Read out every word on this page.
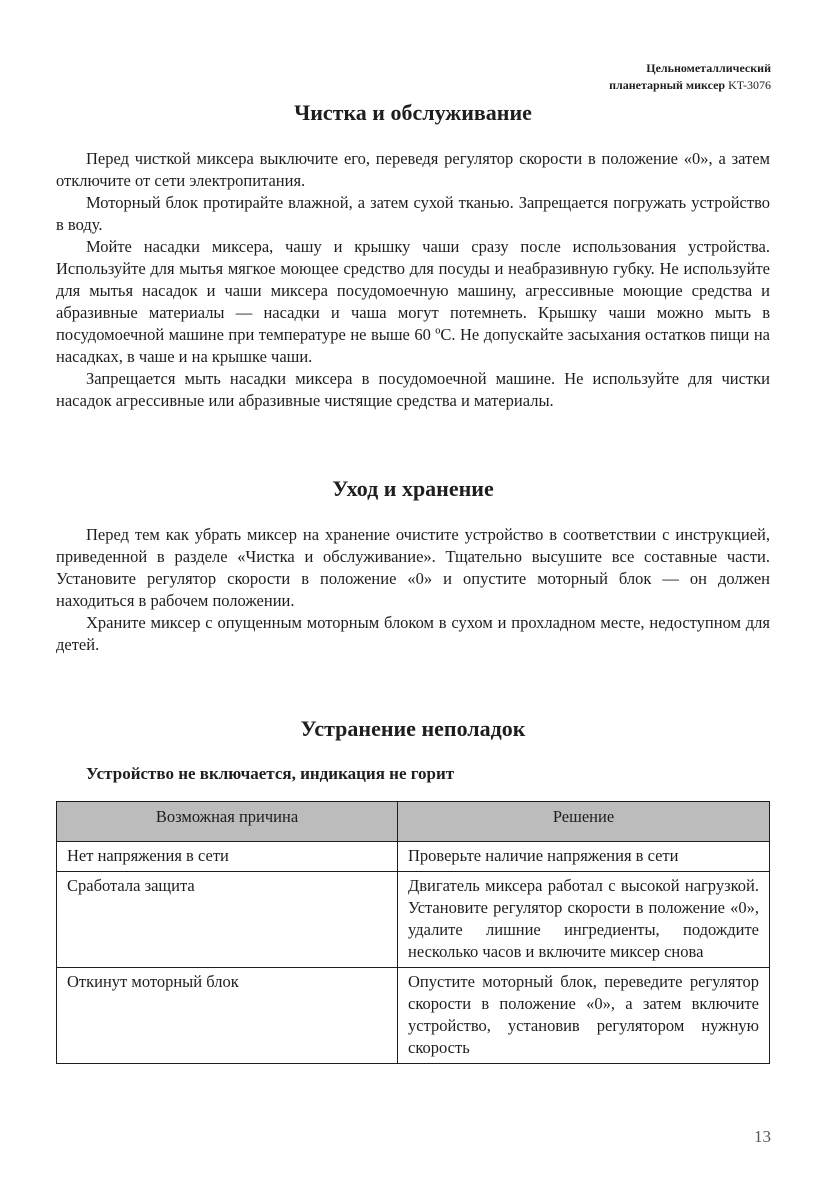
Цельнометаллический
планетарный миксер KT-3076
Чистка и обслуживание

Перед чисткой миксера выключите его, переведя регулятор скорости в положение «0», а затем отключите от сети электропитания.

Моторный блок протирайте влажной, а затем сухой тканью. Запрещается погружать устройство в воду.

Мойте насадки миксера, чашу и крышку чаши сразу после использования устройства. Используйте для мытья мягкое моющее средство для посуды и неабразивную губку. Не используйте для мытья насадок и чаши миксера посудомоечную машину, агрессивные моющие средства и абразивные материалы — насадки и чаша могут потемнеть. Крышку чаши можно мыть в посудомоечной машине при температуре не выше 60 ºC. Не допускайте засыхания остатков пищи на насадках, в чаше и на крышке чаши.

Запрещается мыть насадки миксера в посудомоечной машине. Не используйте для чистки насадок агрессивные или абразивные чистящие средства и материалы.

Уход и хранение

Перед тем как убрать миксер на хранение очистите устройство в соответствии с инструкцией, приведенной в разделе «Чистка и обслуживание». Тщательно высушите все составные части. Установите регулятор скорости в положение «0» и опустите моторный блок — он должен находиться в рабочем положении.

Храните миксер с опущенным моторным блоком в сухом и прохладном месте, недоступном для детей.

Устранение неполадок
Устройство не включается, индикация не горит
Возможная причина	Решение
Нет напряжения в сети	Проверьте наличие напряжения в сети
Сработала защита	Двигатель миксера работал с высокой нагрузкой. Установите регулятор скорости в положение «0», удалите лишние ингредиенты, подождите несколько часов и включите миксер снова
Откинут моторный блок	Опустите моторный блок, переведите регулятор скорости в положение «0», а затем включите устройство, установив регулятором нужную скорость
13
